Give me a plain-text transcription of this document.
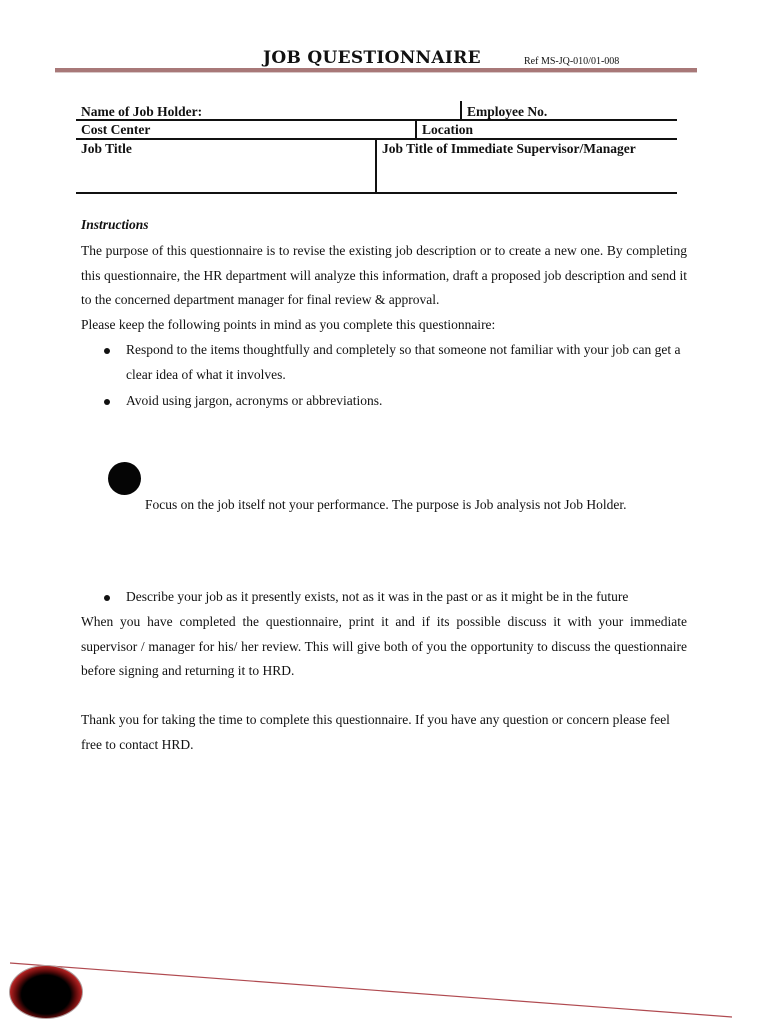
JOB QUESTIONNAIRE	Ref MS-JQ-010/01-008
Name of Job Holder:	Employee No.
Cost Center	Location
Job Title	Job Title of Immediate Supervisor/Manager
Instructions
The purpose of this questionnaire is to revise the existing job description or to create a new one. By completing this questionnaire, the HR department will analyze this information, draft a proposed job description and send it to the concerned department manager for final review & approval.
Please keep the following points in mind as you complete this questionnaire:
Respond to the items thoughtfully and completely so that someone not familiar with your job can get a clear idea of what it involves.
Avoid using jargon, acronyms or abbreviations.
Focus on the job itself not your performance. The purpose is Job analysis not Job Holder.
Describe your job as it presently exists, not as it was in the past or as it might be in the future
When you have completed the questionnaire, print it and if its possible discuss it with your immediate supervisor / manager for his/ her review. This will give both of you the opportunity to discuss the questionnaire before signing and returning it to HRD.
Thank you for taking the time to complete this questionnaire. If you have any question or concern please feel free to contact HRD.
